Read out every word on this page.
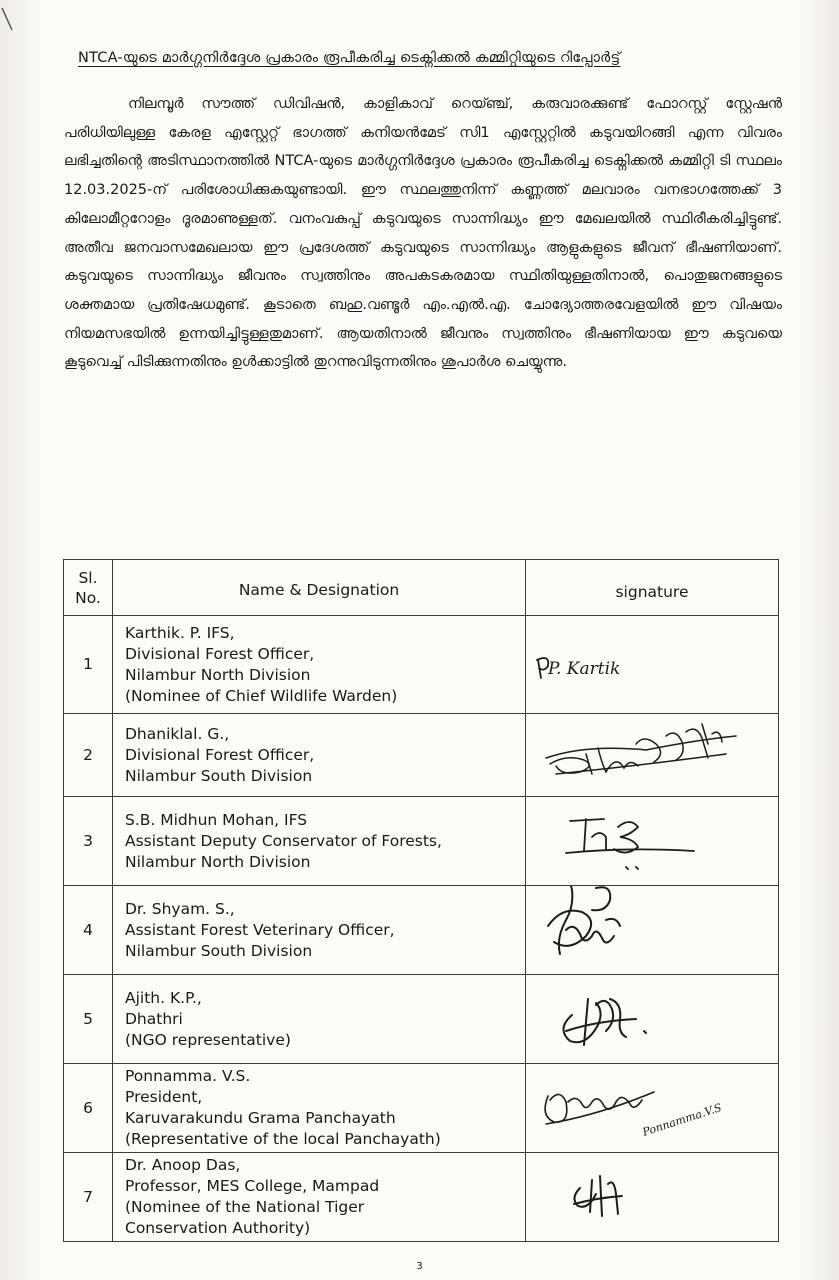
NTCA-യുടെ മാർഗ്ഗനിർദ്ദേശ പ്രകാരം രൂപീകരിച്ച ടെക്നിക്കൽ കമ്മിറ്റിയുടെ റിപ്പോർട്ട്
നിലമ്പൂർ സൗത്ത് ഡിവിഷൻ, കാളികാവ് റെയ്ഞ്ച്, കരുവാരക്കുണ്ട് ഫോറസ്റ്റ് സ്റ്റേഷൻ പരിധിയിലുള്ള കേരള എസ്റ്റേറ്റ് ഭാഗത്ത് കനിയൻമേട് സി1 എസ്റ്റേറ്റിൽ കടുവയിറങ്ങി എന്ന വിവരം ലഭിച്ചതിന്റെ അടിസ്ഥാനത്തിൽ NTCA-യുടെ മാർഗ്ഗനിർദ്ദേശ പ്രകാരം രൂപീകരിച്ച ടെക്നിക്കൽ കമ്മിറ്റി ടി സ്ഥലം 12.03.2025-ന് പരിശോധിക്കുകയുണ്ടായി. ഈ സ്ഥലത്തുനിന്ന് കണ്ണത്ത് മലവാരം വനഭാഗത്തേക്ക് 3 കിലോമീറ്ററോളം ദൂരമാണുള്ളത്. വനംവകുപ്പ് കടുവയുടെ സാന്നിദ്ധ്യം ഈ മേഖലയിൽ സ്ഥിരീകരിച്ചിട്ടുണ്ട്. അതീവ ജനവാസമേഖലായ ഈ പ്രദേശത്ത് കടുവയുടെ സാന്നിദ്ധ്യം ആളുകളുടെ ജീവന് ഭീഷണിയാണ്. കടുവയുടെ സാന്നിദ്ധ്യം ജീവനും സ്വത്തിനും അപകടകരമായ സ്ഥിതിയുള്ളതിനാൽ, പൊതുജനങ്ങളുടെ ശക്തമായ പ്രതിഷേധമുണ്ട്. കൂടാതെ ബഹു.വണ്ടൂർ എം.എൽ.എ. ചോദ്യോത്തരവേളയിൽ ഈ വിഷയം നിയമസഭയിൽ ഉന്നയിച്ചിട്ടുള്ളതുമാണ്. ആയതിനാൽ ജീവനും സ്വത്തിനും ഭീഷണിയായ ഈ കടുവയെ കൂടുവെച്ച് പിടിക്കുന്നതിനും ഉൾക്കാട്ടിൽ തുറന്നുവിടുന്നതിനും ശുപാർശ ചെയ്യുന്നു.
Sl.
No.	Name & Designation	signature
1	Karthik. P. IFS,
Divisional Forest Officer,
Nilambur North Division
(Nominee of Chief Wildlife Warden)	P. Kartik

2	Dhaniklal. G.,
Divisional Forest Officer,
Nilambur South Division

3	S.B. Midhun Mohan, IFS
Assistant Deputy Conservator of Forests,
Nilambur North Division

4	Dr. Shyam. S.,
Assistant Forest Veterinary Officer,
Nilambur South Division

5	Ajith. K.P.,
Dhathri
(NGO representative)

6	Ponnamma. V.S.
President,
Karuvarakundu Grama Panchayath
(Representative of the local Panchayath)	Ponnamma.V.S

7	Dr. Anoop Das,
Professor, MES College, Mampad
(Nominee of the National Tiger
Conservation Authority)

3
